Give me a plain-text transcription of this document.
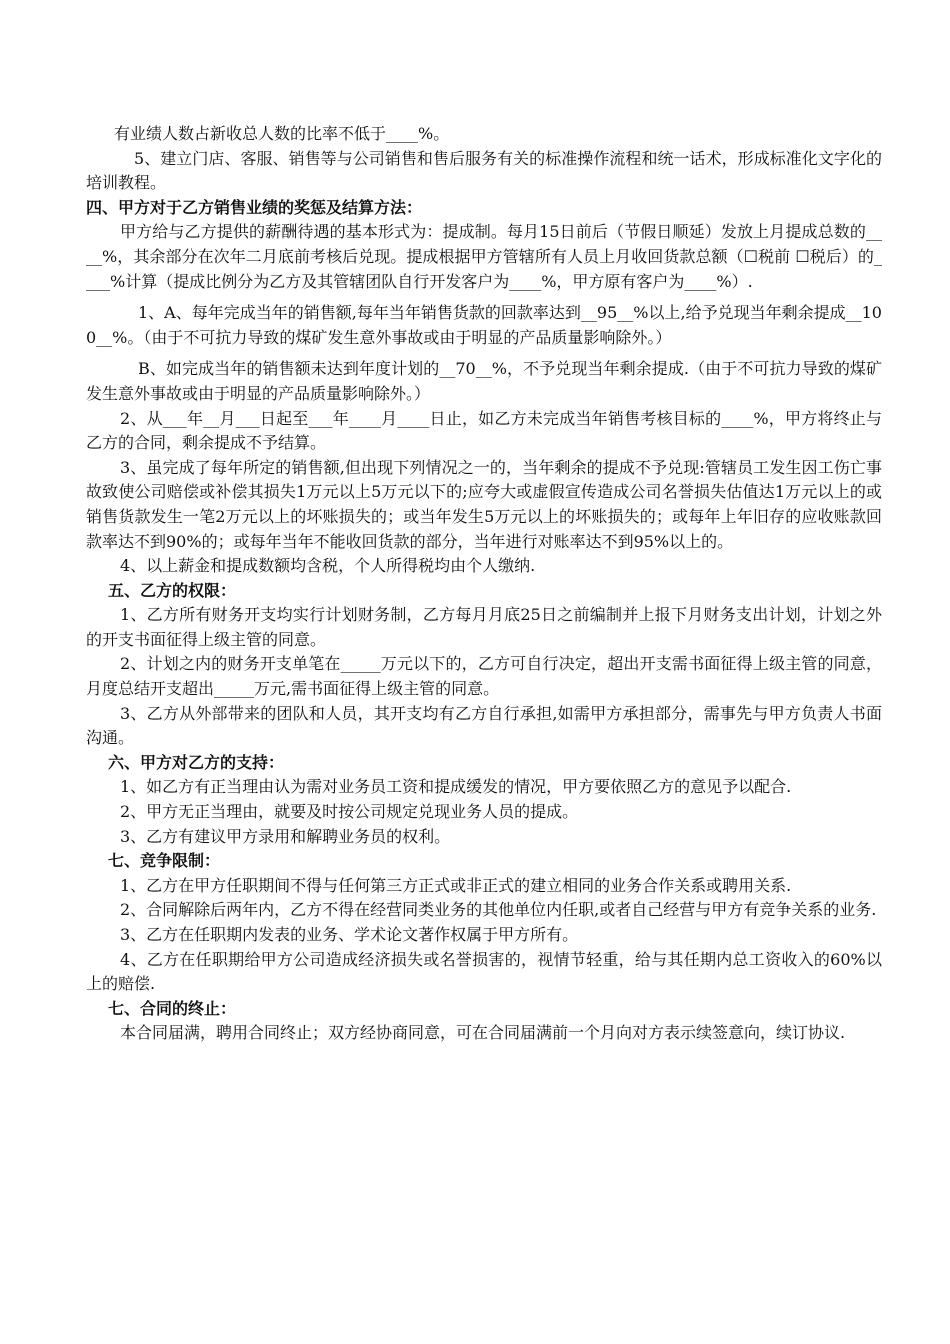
有业绩人数占新收总人数的比率不低于____%。

5、建立门店、客服、销售等与公司销售和售后服务有关的标准操作流程和统一话术，形成标准化文字化的培训教程。

四、甲方对于乙方销售业绩的奖惩及结算方法：

甲方给与乙方提供的薪酬待遇的基本形式为：提成制。每月15日前后（节假日顺延）发放上月提成总数的____%，其余部分在次年二月底前考核后兑现。提成根据甲方管辖所有人员上月收回货款总额（☐税前 ☐税后）的____%计算（提成比例分为乙方及其管辖团队自行开发客户为____%，甲方原有客户为____%）.

1、A、每年完成当年的销售额,每年当年销售货款的回款率达到__95__%以上,给予兑现当年剩余提成__100__%。（由于不可抗力导致的煤矿发生意外事故或由于明显的产品质量影响除外。）

B、如完成当年的销售额未达到年度计划的__70__%，不予兑现当年剩余提成.（由于不可抗力导致的煤矿发生意外事故或由于明显的产品质量影响除外。）

2、从___年__月___日起至___年____月____日止，如乙方未完成当年销售考核目标的____%，甲方将终止与乙方的合同，剩余提成不予结算。

3、虽完成了每年所定的销售额,但出现下列情况之一的，当年剩余的提成不予兑现:管辖员工发生因工伤亡事故致使公司赔偿或补偿其损失1万元以上5万元以下的;应夸大或虚假宣传造成公司名誉损失估值达1万元以上的或销售货款发生一笔2万元以上的坏账损失的；或当年发生5万元以上的坏账损失的；或每年上年旧存的应收账款回款率达不到90%的；或每年当年不能收回货款的部分，当年进行对账率达不到95%以上的。

4、以上薪金和提成数额均含税，个人所得税均由个人缴纳.

五、乙方的权限：

1、乙方所有财务开支均实行计划财务制，乙方每月月底25日之前编制并上报下月财务支出计划，计划之外的开支书面征得上级主管的同意。

2、计划之内的财务开支单笔在_____万元以下的，乙方可自行决定，超出开支需书面征得上级主管的同意，月度总结开支超出_____万元,需书面征得上级主管的同意。

3、乙方从外部带来的团队和人员，其开支均有乙方自行承担,如需甲方承担部分，需事先与甲方负责人书面沟通。

六、甲方对乙方的支持：

1、如乙方有正当理由认为需对业务员工资和提成缓发的情况，甲方要依照乙方的意见予以配合.

2、甲方无正当理由，就要及时按公司规定兑现业务人员的提成。

3、乙方有建议甲方录用和解聘业务员的权利。

七、竞争限制：

1、乙方在甲方任职期间不得与任何第三方正式或非正式的建立相同的业务合作关系或聘用关系.

2、合同解除后两年内，乙方不得在经营同类业务的其他单位内任职,或者自己经营与甲方有竞争关系的业务.

3、乙方在任职期内发表的业务、学术论文著作权属于甲方所有。

4、乙方在任职期给甲方公司造成经济损失或名誉损害的，视情节轻重，给与其任期内总工资收入的60%以上的赔偿.

七、合同的终止：

本合同届满，聘用合同终止；双方经协商同意，可在合同届满前一个月向对方表示续签意向，续订协议.
